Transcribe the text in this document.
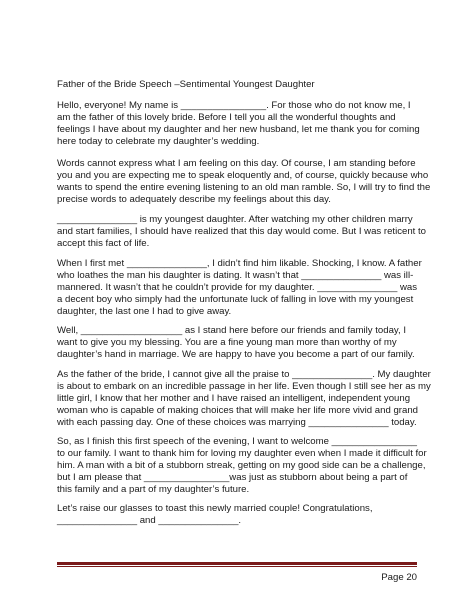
Father of the Bride Speech –Sentimental Youngest Daughter
Hello, everyone! My name is ________________. For those who do not know me, I
am the father of this lovely bride. Before I tell you all the wonderful thoughts and
feelings I have about my daughter and her new husband, let me thank you for coming
here today to celebrate my daughter’s wedding.
Words cannot express what I am feeling on this day. Of course, I am standing before
you and you are expecting me to speak eloquently and, of course, quickly because who
wants to spend the entire evening listening to an old man ramble. So, I will try to find the
precise words to adequately describe my feelings about this day.
_______________ is my youngest daughter. After watching my other children marry
and start families, I should have realized that this day would come. But I was reticent to
accept this fact of life.
When I first met _______________, I didn’t find him likable. Shocking, I know. A father
who loathes the man his daughter is dating. It wasn’t that _______________ was ill-
mannered. It wasn’t that he couldn’t provide for my daughter. _______________ was
a decent boy who simply had the unfortunate luck of falling in love with my youngest
daughter, the last one I had to give away.
Well, ___________________ as I stand here before our friends and family today, I
want to give you my blessing. You are a fine young man more than worthy of my
daughter’s hand in marriage. We are happy to have you become a part of our family.
As the father of the bride, I cannot give all the praise to _______________. My daughter
is about to embark on an incredible passage in her life. Even though I still see her as my
little girl, I know that her mother and I have raised an intelligent, independent young
woman who is capable of making choices that will make her life more vivid and grand
with each passing day. One of these choices was marrying _______________ today.
So, as I finish this first speech of the evening, I want to welcome ________________
to our family. I want to thank him for loving my daughter even when I made it difficult for
him. A man with a bit of a stubborn streak, getting on my good side can be a challenge,
but I am please that ________________was just as stubborn about being a part of
this family and a part of my daughter’s future.
Let’s raise our glasses to toast this newly married couple! Congratulations,
_______________ and _______________.
Page 20
